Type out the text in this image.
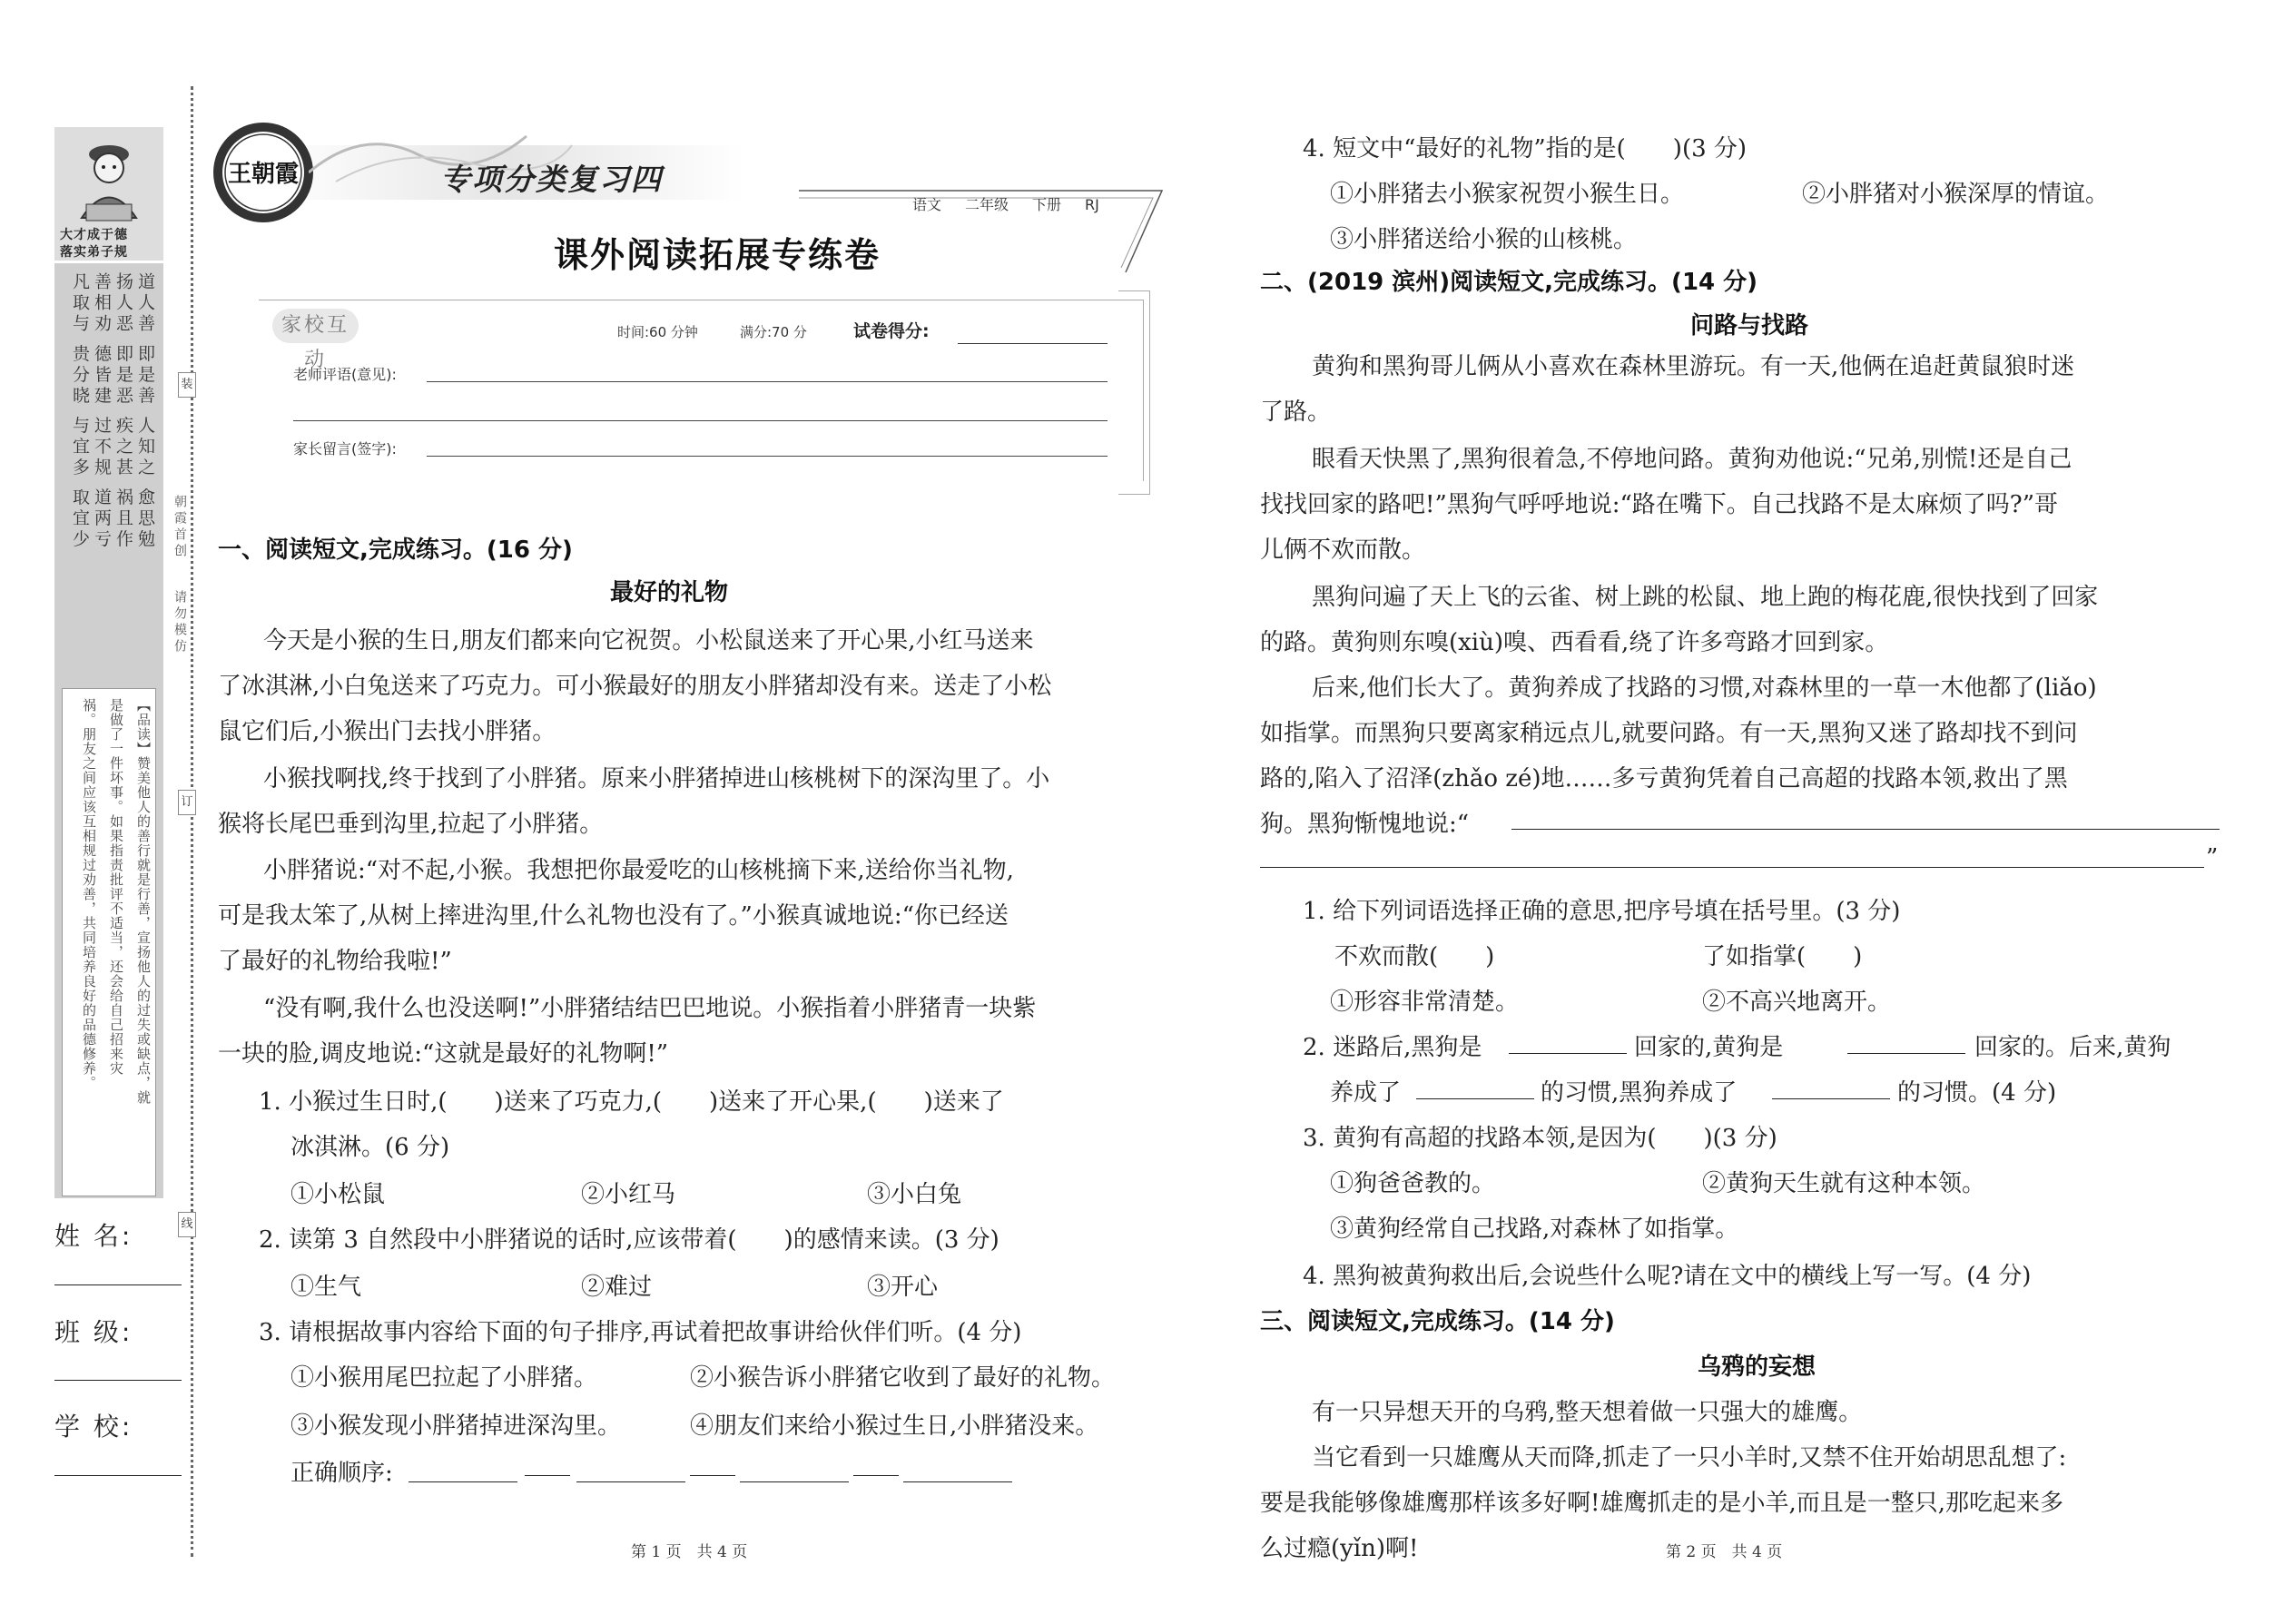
大才成于德
落实弟子规
道人善 即是善 人知之 愈思勉
扬人恶 即是恶 疾之甚 祸且作
善相劝 德皆建 过不规 道两亏
凡取与 贵分晓 与宜多 取宜少
【品读】赞美他人的善行就是行善，宣扬他人的过失或缺点，就
是做了一件坏事。如果指责批评不适当，还会给自己招来灾
祸。朋友之间应该互相规过劝善，共同培养良好的品德修养。
姓 名:
班 级:
学 校:
装
订
线
朝霞首创
请勿模仿
王朝霞	专项分类复习四
语文 二年级 下册 RJ
课外阅读拓展专练卷
家校互动
时间:60 分钟	满分:70 分	试卷得分:
老师评语(意见):
家长留言(签字):
一、阅读短文,完成练习。(16 分)
最好的礼物
今天是小猴的生日,朋友们都来向它祝贺。小松鼠送来了开心果,小红马送来
了冰淇淋,小白兔送来了巧克力。可小猴最好的朋友小胖猪却没有来。送走了小松
鼠它们后,小猴出门去找小胖猪。
小猴找啊找,终于找到了小胖猪。原来小胖猪掉进山核桃树下的深沟里了。小
猴将长尾巴垂到沟里,拉起了小胖猪。
小胖猪说:“对不起,小猴。我想把你最爱吃的山核桃摘下来,送给你当礼物,
可是我太笨了,从树上摔进沟里,什么礼物也没有了。”小猴真诚地说:“你已经送
了最好的礼物给我啦!”
“没有啊,我什么也没送啊!”小胖猪结结巴巴地说。小猴指着小胖猪青一块紫
一块的脸,调皮地说:“这就是最好的礼物啊!”
1. 小猴过生日时,(　　)送来了巧克力,(　　)送来了开心果,(　　)送来了
冰淇淋。(6 分)
①小松鼠	②小红马	③小白兔
2. 读第 3 自然段中小胖猪说的话时,应该带着(　　)的感情来读。(3 分)
①生气	②难过	③开心
3. 请根据故事内容给下面的句子排序,再试着把故事讲给伙伴们听。(4 分)
①小猴用尾巴拉起了小胖猪。	②小猴告诉小胖猪它收到了最好的礼物。
③小猴发现小胖猪掉进深沟里。	④朋友们来给小猴过生日,小胖猪没来。
正确顺序:
第 1 页　共 4 页
4. 短文中“最好的礼物”指的是(　　)(3 分)
①小胖猪去小猴家祝贺小猴生日。	②小胖猪对小猴深厚的情谊。
③小胖猪送给小猴的山核桃。
二、(2019 滨州)阅读短文,完成练习。(14 分)
问路与找路
黄狗和黑狗哥儿俩从小喜欢在森林里游玩。有一天,他俩在追赶黄鼠狼时迷
了路。
眼看天快黑了,黑狗很着急,不停地问路。黄狗劝他说:“兄弟,别慌!还是自己
找找回家的路吧!”黑狗气呼呼地说:“路在嘴下。自己找路不是太麻烦了吗?”哥
儿俩不欢而散。
黑狗问遍了天上飞的云雀、树上跳的松鼠、地上跑的梅花鹿,很快找到了回家
的路。黄狗则东嗅(xiù)嗅、西看看,绕了许多弯路才回到家。
后来,他们长大了。黄狗养成了找路的习惯,对森林里的一草一木他都了(liǎo)
如指掌。而黑狗只要离家稍远点儿,就要问路。有一天,黑狗又迷了路却找不到问
路的,陷入了沼泽(zhǎo zé)地……多亏黄狗凭着自己高超的找路本领,救出了黑
狗。黑狗惭愧地说:“
”
1. 给下列词语选择正确的意思,把序号填在括号里。(3 分)
不欢而散(　　)	了如指掌(　　)
①形容非常清楚。	②不高兴地离开。
2. 迷路后,黑狗是	回家的,黄狗是	回家的。后来,黄狗
养成了	的习惯,黑狗养成了	的习惯。(4 分)
3. 黄狗有高超的找路本领,是因为(　　)(3 分)
①狗爸爸教的。	②黄狗天生就有这种本领。
③黄狗经常自己找路,对森林了如指掌。
4. 黑狗被黄狗救出后,会说些什么呢?请在文中的横线上写一写。(4 分)
三、阅读短文,完成练习。(14 分)
乌鸦的妄想
有一只异想天开的乌鸦,整天想着做一只强大的雄鹰。
当它看到一只雄鹰从天而降,抓走了一只小羊时,又禁不住开始胡思乱想了:
要是我能够像雄鹰那样该多好啊!雄鹰抓走的是小羊,而且是一整只,那吃起来多
么过瘾(yǐn)啊!	第 2 页　共 4 页
